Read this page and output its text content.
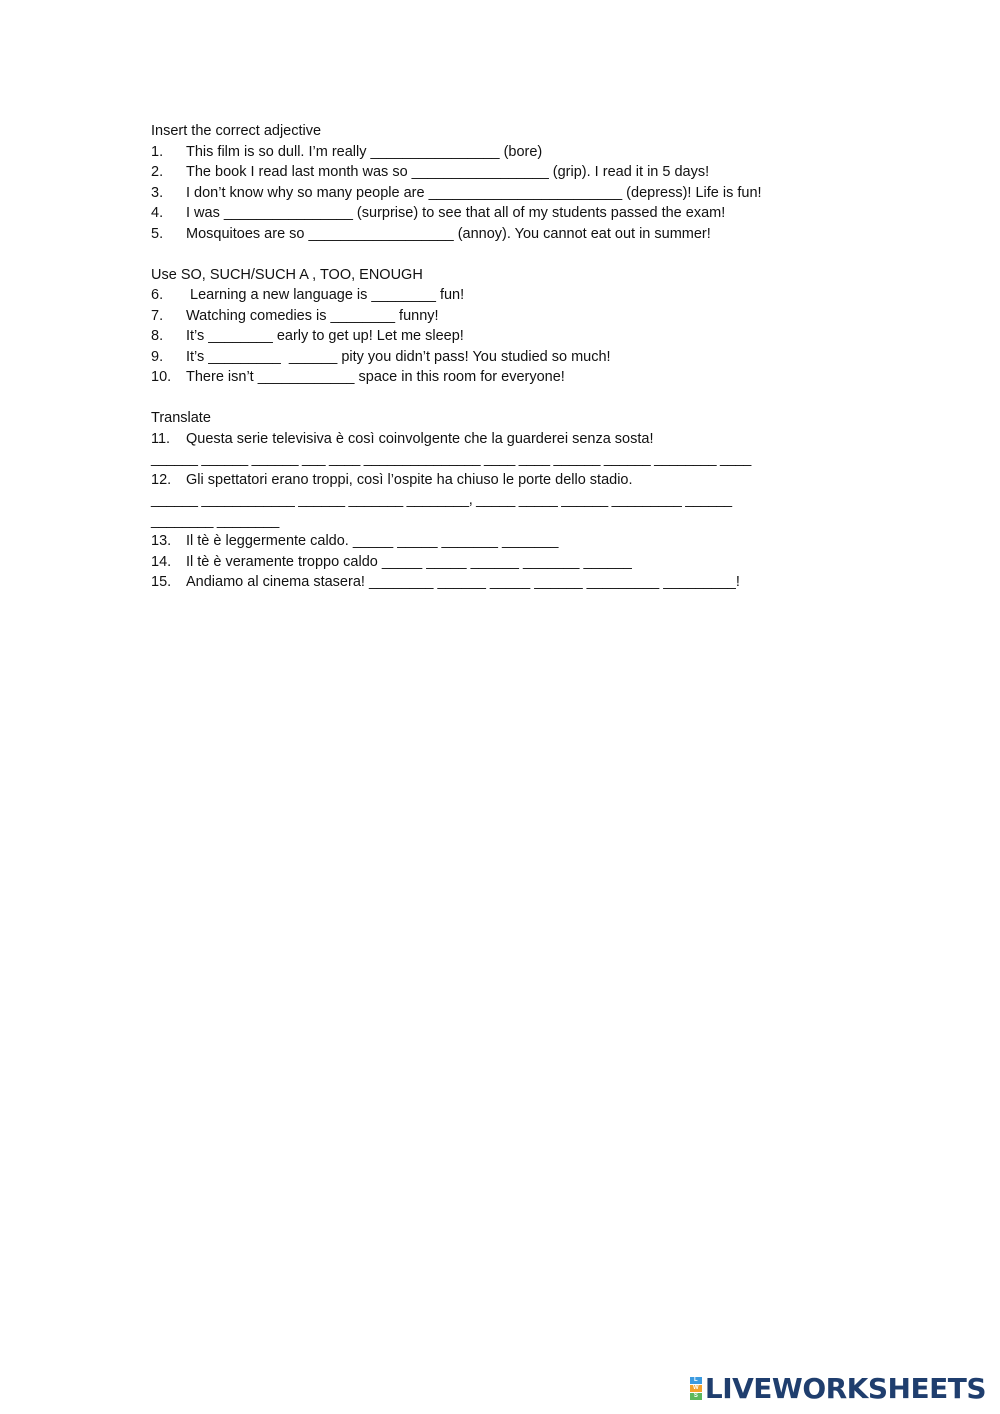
Insert the correct adjective
1. This film is so dull. I’m really ________________ (bore)
2. The book I read last month was so _________________ (grip). I read it in 5 days!
3. I don’t know why so many people are ________________________ (depress)! Life is fun!
4. I was ________________ (surprise) to see that all of my students passed the exam!
5. Mosquitoes are so __________________ (annoy). You cannot eat out in summer!
Use SO, SUCH/SUCH A , TOO, ENOUGH
6. Learning a new language is ________ fun!
7. Watching comedies is ________ funny!
8. It’s ________ early to get up! Let me sleep!
9. It’s _________  ______ pity you didn’t pass! You studied so much!
10. There isn’t ____________ space in this room for everyone!
Translate
11. Questa serie televisiva è così coinvolgente che la guarderei senza sosta!
______ ______ ______ ___ ____ _______________ ____ ____ ______ ______ ________ ____
12. Gli spettatori erano troppi, così l’ospite ha chiuso le porte dello stadio.
______ ____________ ______ _______ ________, _____ _____ ______ _________ ______
________ ________
13. Il tè è leggermente caldo. _____ _____ _______ _______
14. Il tè è veramente troppo caldo _____ _____ ______ _______ ______
15. Andiamo al cinema stasera! ________ ______ _____ ______ _________ _________!
L
W
S LIVEWORKSHEETS
